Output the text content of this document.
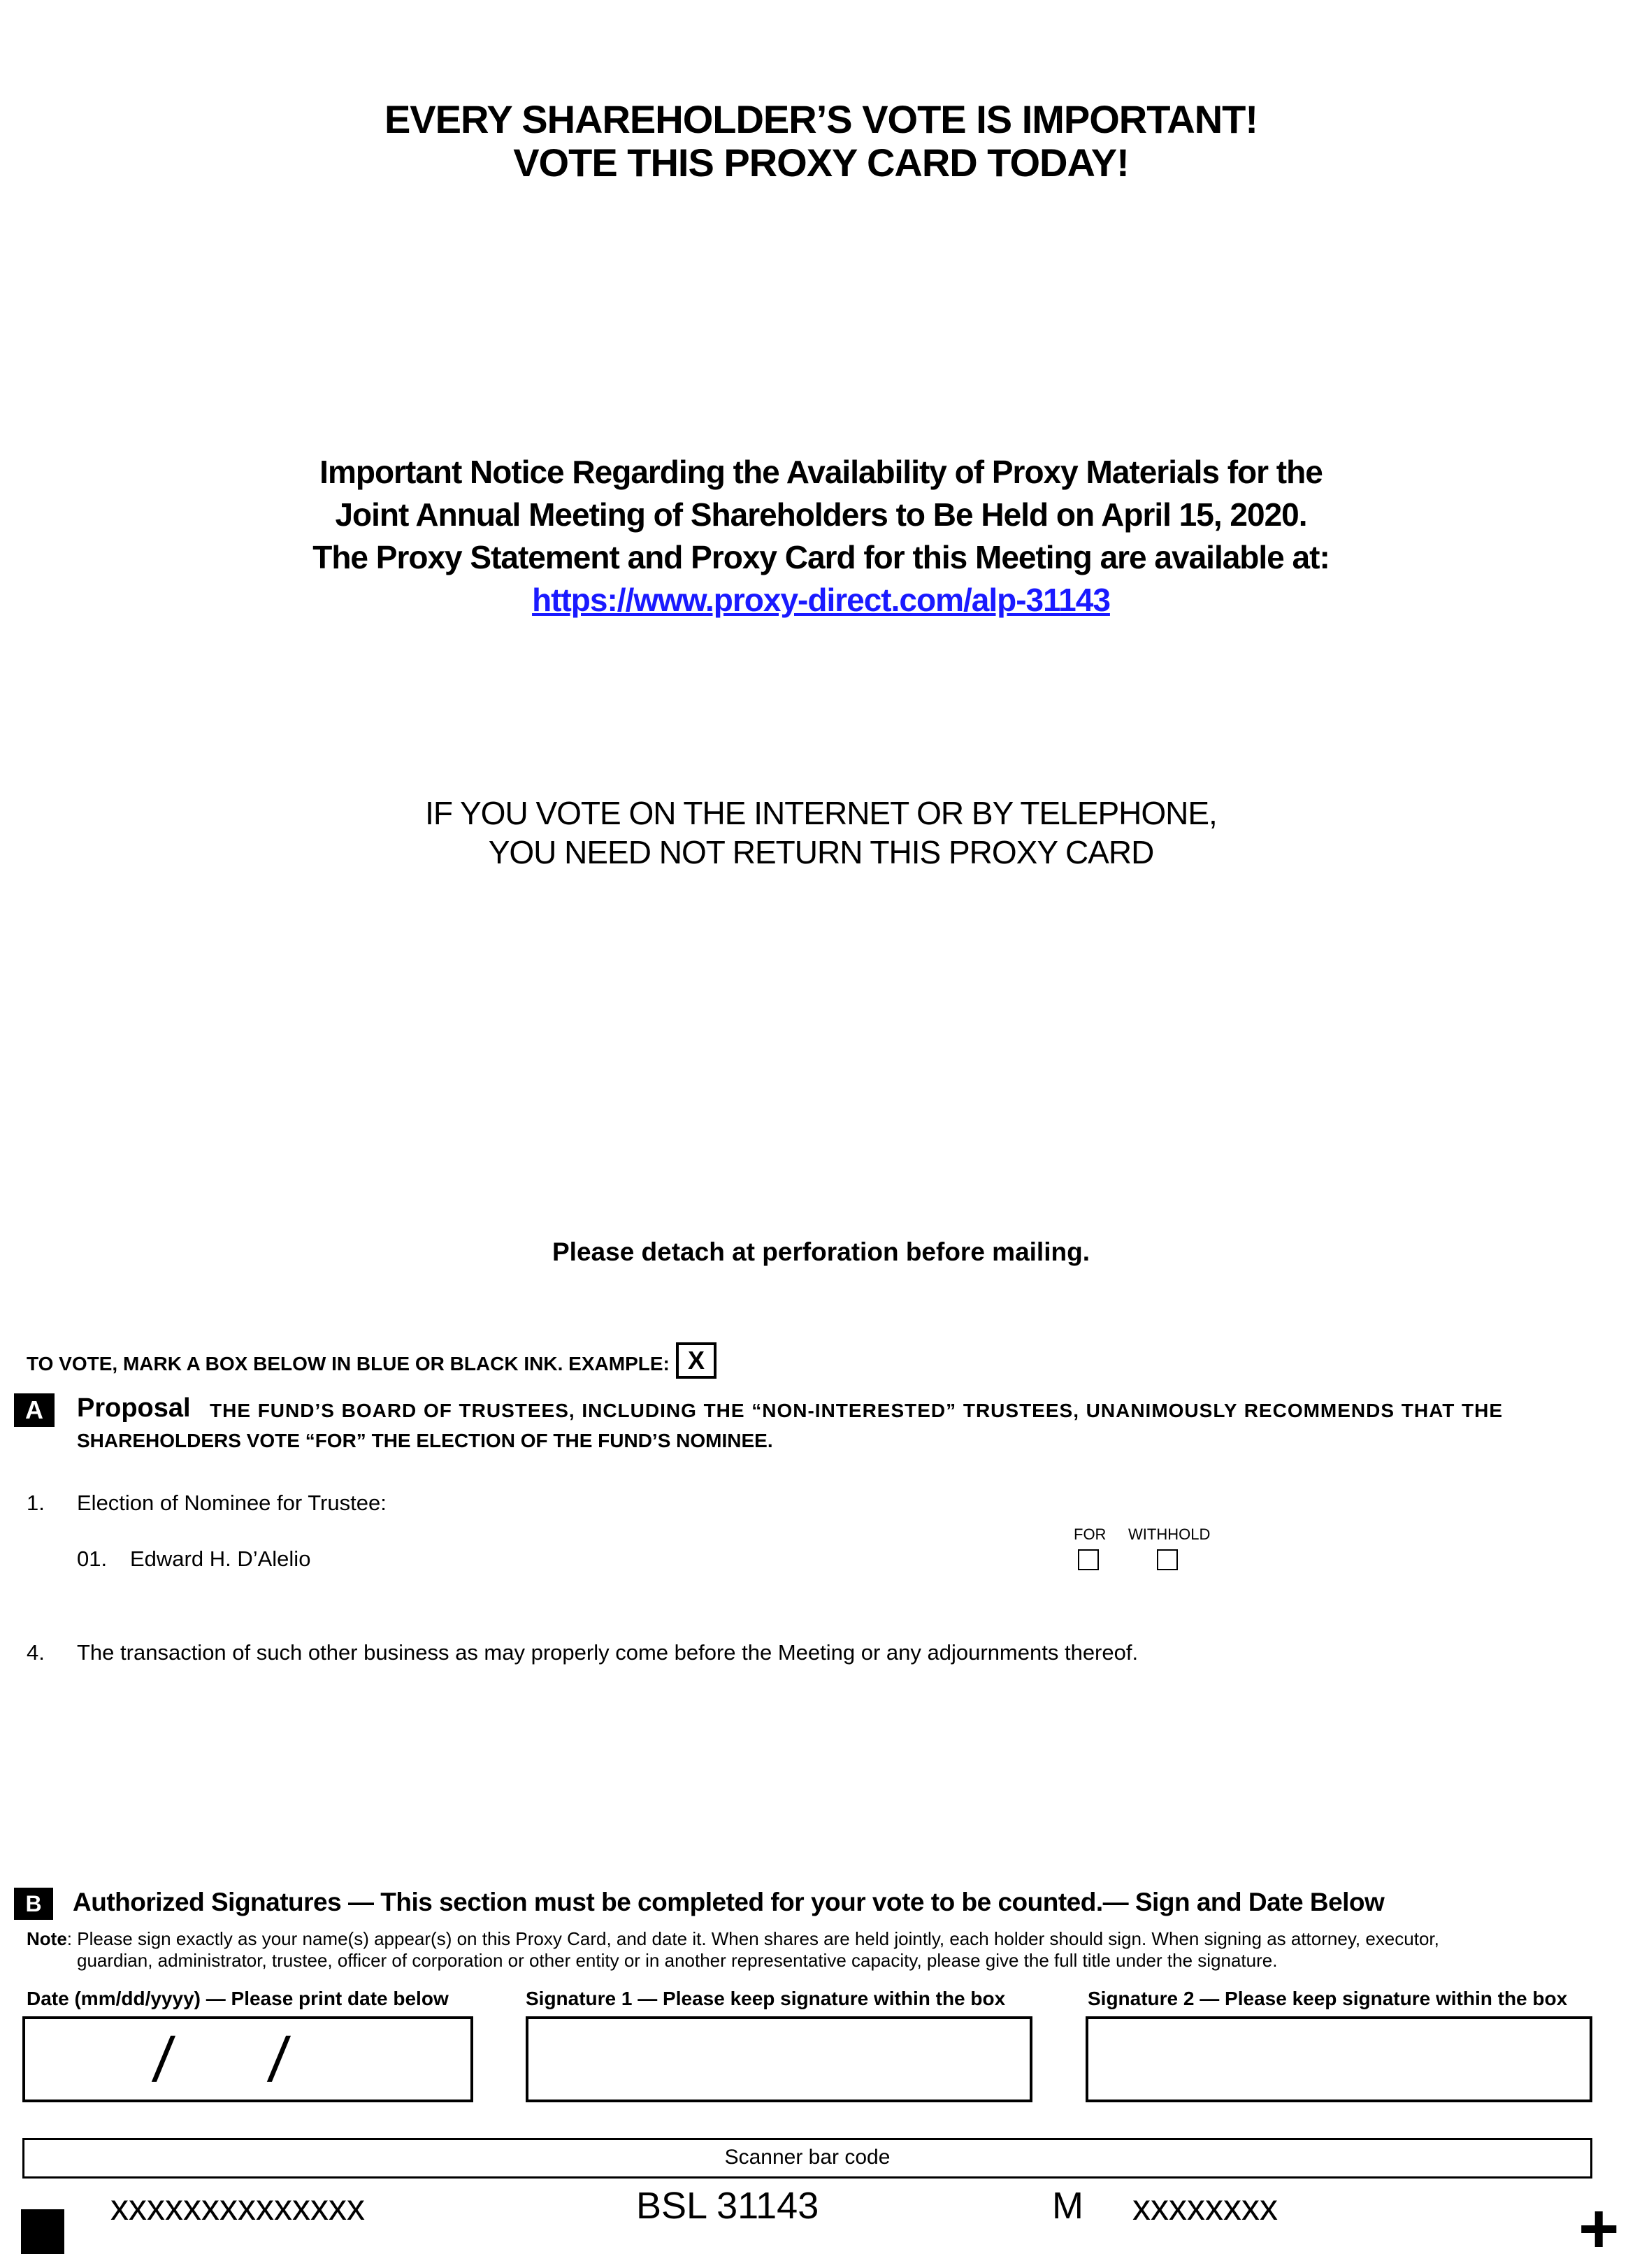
EVERY SHAREHOLDER’S VOTE IS IMPORTANT!
VOTE THIS PROXY CARD TODAY!
Important Notice Regarding the Availability of Proxy Materials for the
Joint Annual Meeting of Shareholders to Be Held on April 15, 2020.
The Proxy Statement and Proxy Card for this Meeting are available at:
https://www.proxy-direct.com/alp-31143
IF YOU VOTE ON THE INTERNET OR BY TELEPHONE,
YOU NEED NOT RETURN THIS PROXY CARD
Please detach at perforation before mailing.
TO VOTE, MARK A BOX BELOW IN BLUE OR BLACK INK. EXAMPLE: X
A	Proposal THE FUND’S BOARD OF TRUSTEES, INCLUDING THE “NON-INTERESTED” TRUSTEES, UNANIMOUSLY RECOMMENDS THAT THE
SHAREHOLDERS VOTE “FOR” THE ELECTION OF THE FUND’S NOMINEE.
1. Election of Nominee for Trustee:
FOR WITHHOLD
01. Edward H. D’Alelio
4. The transaction of such other business as may properly come before the Meeting or any adjournments thereof.
B	Authorized Signatures — This section must be completed for your vote to be counted.— Sign and Date Below
Note: Please sign exactly as your name(s) appear(s) on this Proxy Card, and date it. When shares are held jointly, each holder should sign. When signing as attorney, executor,
guardian, administrator, trustee, officer of corporation or other entity or in another representative capacity, please give the full title under the signature.
Date (mm/dd/yyyy) — Please print date below	Signature 1 — Please keep signature within the box	Signature 2 — Please keep signature within the box
/ /
Scanner bar code
xxxxxxxxxxxxxx	BSL 31143	M xxxxxxxx	+
